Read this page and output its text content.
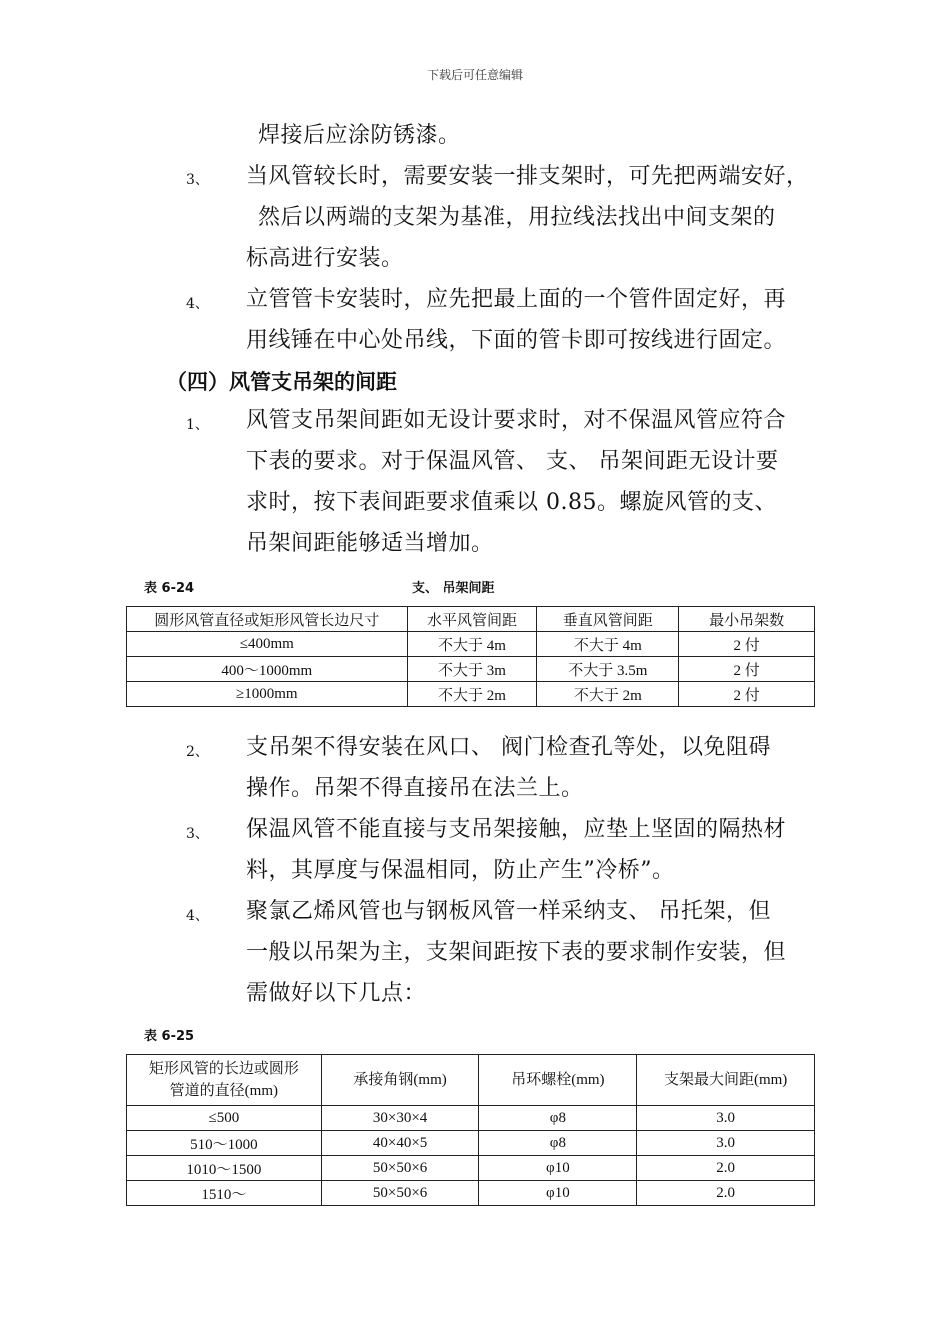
下载后可任意编辑
焊接后应涂防锈漆。
3、 当风管较长时，需要安装一排支架时，可先把两端安好，
然后以两端的支架为基准，用拉线法找出中间支架的
标高进行安装。
4、 立管管卡安装时，应先把最上面的一个管件固定好，再
用线锤在中心处吊线，下面的管卡即可按线进行固定。
（四）风管支吊架的间距
1、 风管支吊架间距如无设计要求时，对不保温风管应符合
下表的要求。对于保温风管、 支、 吊架间距无设计要
求时，按下表间距要求值乘以 0.85。螺旋风管的支、
吊架间距能够适当增加。
表 6-24	支、 吊架间距
圆形风管直径或矩形风管长边尺寸	水平风管间距	垂直风管间距	最小吊架数
≤400mm	不大于 4m	不大于 4m	2 付
400～1000mm	不大于 3m	不大于 3.5m	2 付
≥1000mm	不大于 2m	不大于 2m	2 付
2、 支吊架不得安装在风口、 阀门检查孔等处，以免阻碍
操作。吊架不得直接吊在法兰上。
3、 保温风管不能直接与支吊架接触，应垫上坚固的隔热材
料，其厚度与保温相同，防止产生”冷桥”。
4、 聚氯乙烯风管也与钢板风管一样采纳支、 吊托架，但
一般以吊架为主，支架间距按下表的要求制作安装，但
需做好以下几点：
表 6-25
矩形风管的长边或圆形
管道的直径(mm)	承接角钢(mm)	吊环螺栓(mm)	支架最大间距(mm)
≤500	30×30×4	φ8	3.0
510～1000	40×40×5	φ8	3.0
1010～1500	50×50×6	φ10	2.0
1510～	50×50×6	φ10	2.0
